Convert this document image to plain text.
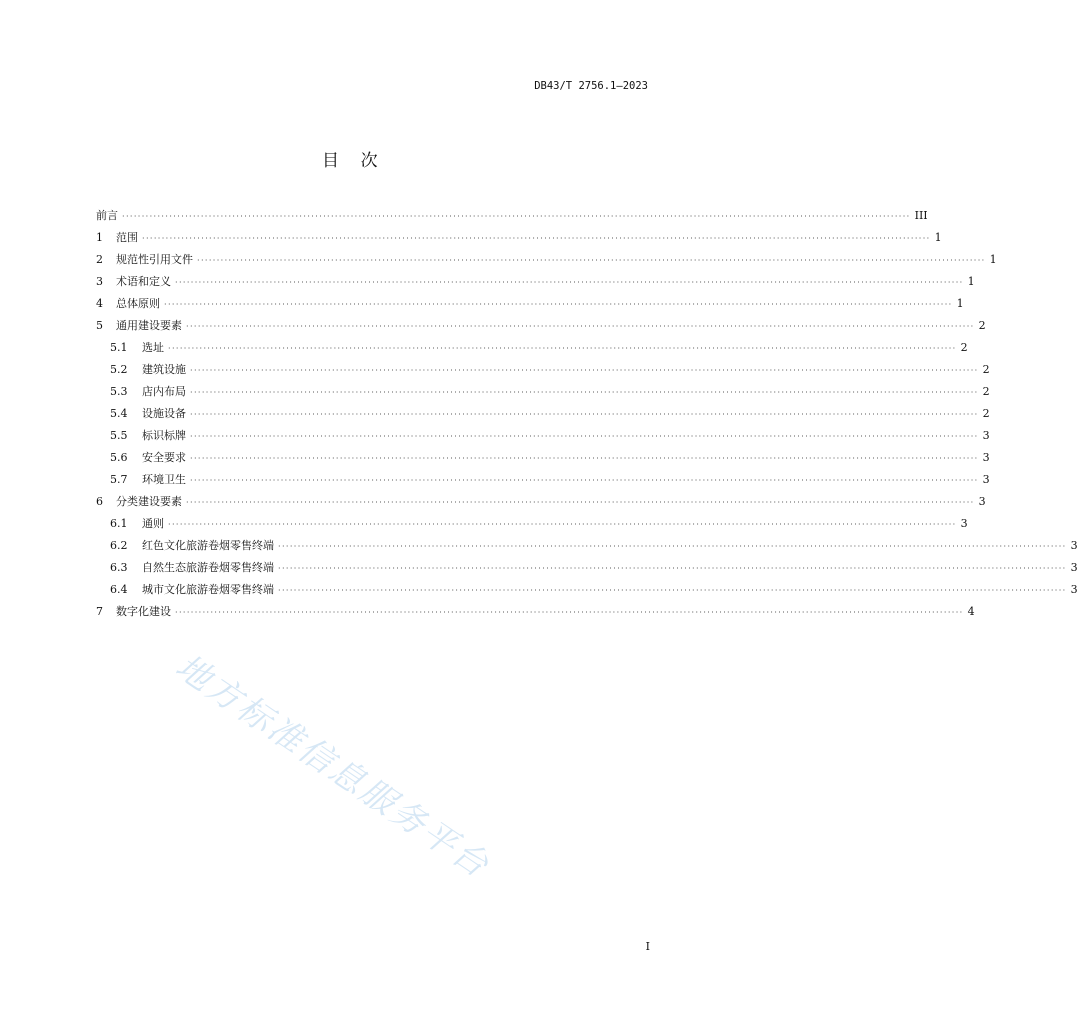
DB43/T 2756.1—2023
目    次
前言 ········································································································································································································ III
1	范围 ········································································································································································································ 1
2	规范性引用文件 ········································································································································································································ 1
3	术语和定义 ········································································································································································································ 1
4	总体原则 ········································································································································································································ 1
5	通用建设要素 ········································································································································································································ 2
5.1	选址 ········································································································································································································ 2
5.2	建筑设施 ········································································································································································································ 2
5.3	店内布局 ········································································································································································································ 2
5.4	设施设备 ········································································································································································································ 2
5.5	标识标牌 ········································································································································································································ 3
5.6	安全要求 ········································································································································································································ 3
5.7	环境卫生 ········································································································································································································ 3
6	分类建设要素 ········································································································································································································ 3
6.1	通则 ········································································································································································································ 3
6.2	红色文化旅游卷烟零售终端 ········································································································································································································ 3
6.3	自然生态旅游卷烟零售终端 ········································································································································································································ 3
6.4	城市文化旅游卷烟零售终端 ········································································································································································································ 3
7	数字化建设 ········································································································································································································ 4
地方标准信息服务平台
I
